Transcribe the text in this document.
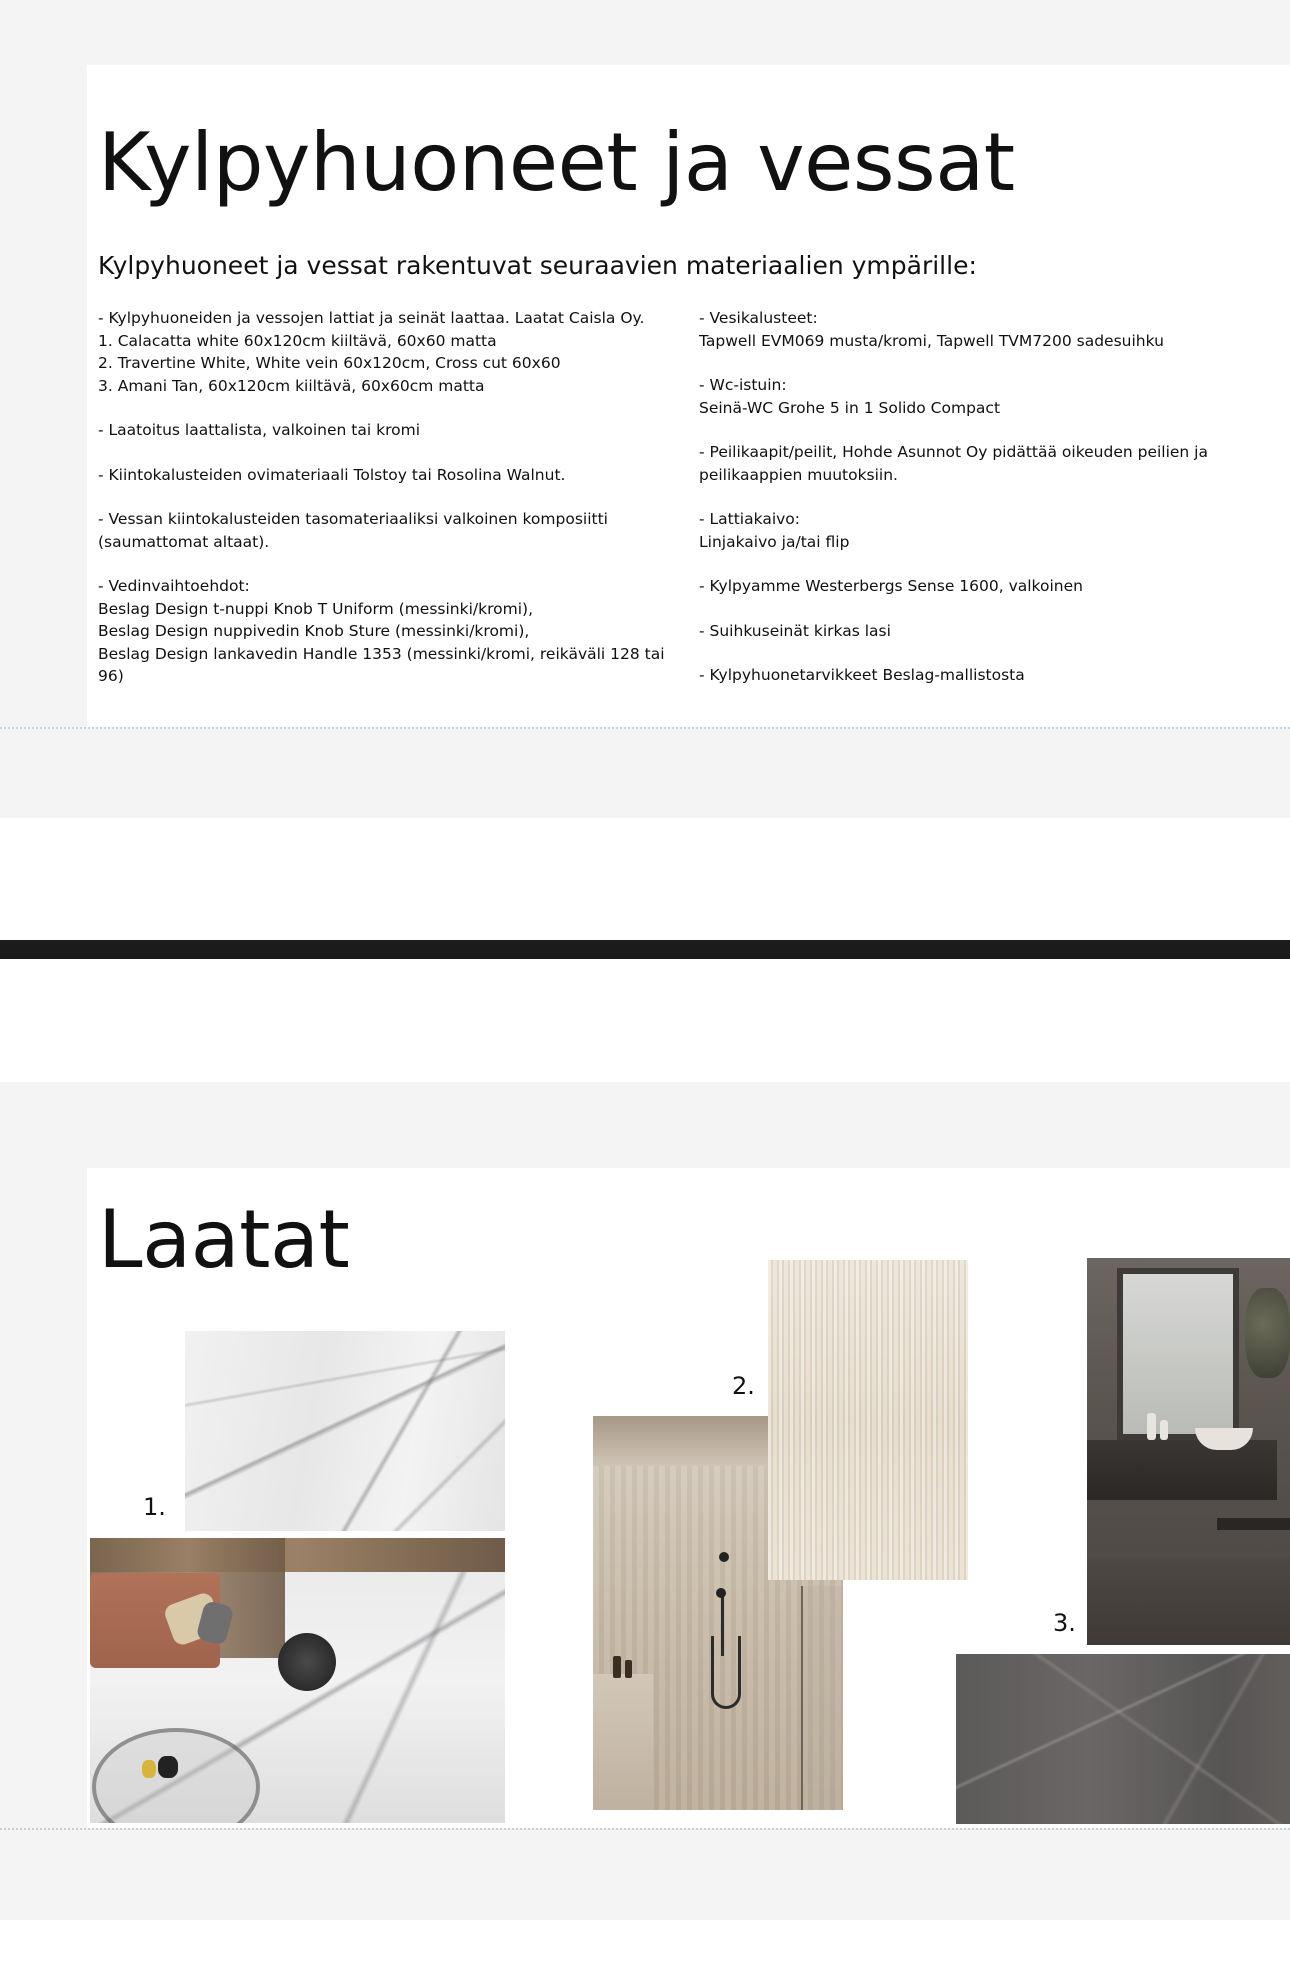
Kylpyhuoneet ja vessat
Kylpyhuoneet ja vessat rakentuvat seuraavien materiaalien ympärille:

- Kylpyhuoneiden ja vessojen lattiat ja seinät laattaa. Laatat Caisla Oy.

1. Calacatta white 60x120cm kiiltävä, 60x60 matta

2. Travertine White, White vein 60x120cm, Cross cut 60x60

3. Amani Tan, 60x120cm kiiltävä, 60x60cm matta

- Laatoitus laattalista, valkoinen tai kromi

- Kiintokalusteiden ovimateriaali Tolstoy tai Rosolina Walnut.

- Vessan kiintokalusteiden tasomateriaaliksi valkoinen komposiitti

(saumattomat altaat).

- Vedinvaihtoehdot:

Beslag Design t-nuppi Knob T Uniform (messinki/kromi),

Beslag Design nuppivedin Knob Sture (messinki/kromi),

Beslag Design lankavedin Handle 1353 (messinki/kromi, reikäväli 128 tai

96)

- Vesikalusteet:

Tapwell EVM069 musta/kromi, Tapwell TVM7200 sadesuihku

- Wc-istuin:

Seinä-WC Grohe 5 in 1 Solido Compact

- Peilikaapit/peilit, Hohde Asunnot Oy pidättää oikeuden peilien ja

peilikaappien muutoksiin.

- Lattiakaivo:

Linjakaivo ja/tai flip

- Kylpyamme Westerbergs Sense 1600, valkoinen

- Suihkuseinät kirkas lasi

- Kylpyhuonetarvikkeet Beslag-mallistosta

Laatat
1.
2.
3.
